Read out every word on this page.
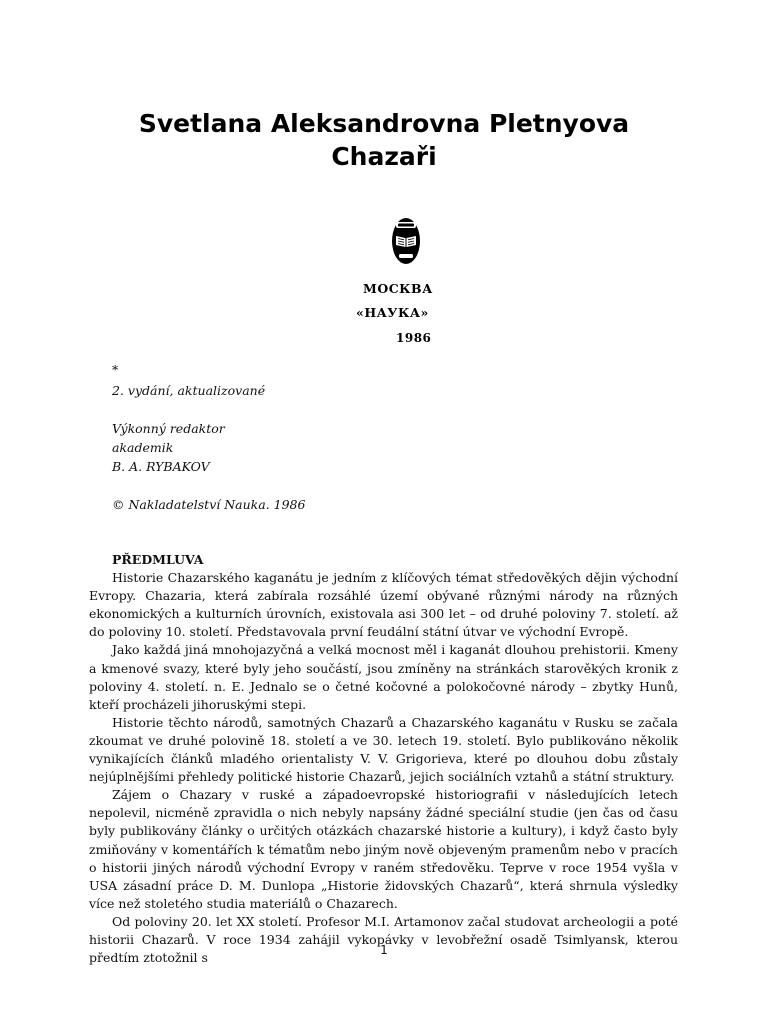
Svetlana Aleksandrovna Pletnyova
Chazaři
МОСКВА
«НАУКА»
1986
*
2. vydání, aktualizované
Výkonný redaktor
akademik
B. A. RYBAKOV
© Nakladatelství Nauka. 1986
PŘEDMLUVA

Historie Chazarského kaganátu je jedním z klíčových témat středověkých dějin východní Evropy. Chazaria, která zabírala rozsáhlé území obývané různými národy na různých ekonomických a kulturních úrovních, existovala asi 300 let – od druhé poloviny 7. století. až do poloviny 10. století. Představovala první feudální státní útvar ve východní Evropě.

Jako každá jiná mnohojazyčná a velká mocnost měl i kaganát dlouhou prehistorii. Kmeny a kmenové svazy, které byly jeho součástí, jsou zmíněny na stránkách starověkých kronik z poloviny 4. století. n. E. Jednalo se o četné kočovné a polokočovné národy – zbytky Hunů, kteří procházeli jihoruskými stepi.

Historie těchto národů, samotných Chazarů a Chazarského kaganátu v Rusku se začala zkoumat ve druhé polovině 18. století a ve 30. letech 19. století. Bylo publikováno několik vynikajících článků mladého orientalisty V. V. Grigorieva, které po dlouhou dobu zůstaly nejúplnějšími přehledy politické historie Chazarů, jejich sociálních vztahů a státní struktury.

Zájem o Chazary v ruské a západoevropské historiografii v následujících letech nepolevil, nicméně zpravidla o nich nebyly napsány žádné speciální studie (jen čas od času byly publikovány články o určitých otázkách chazarské historie a kultury), i když často byly zmiňovány v komentářích k tématům nebo jiným nově objeveným pramenům nebo v pracích o historii jiných národů východní Evropy v raném středověku. Teprve v roce 1954 vyšla v USA zásadní práce D. M. Dunlopa „Historie židovských Chazarů“, která shrnula výsledky více než stoletého studia materiálů o Chazarech.

Od poloviny 20. let XX století. Profesor M.I. Artamonov začal studovat archeologii a poté historii Chazarů. V roce 1934 zahájil vykopávky v levobřežní osadě Tsimlyansk, kterou předtím ztotožnil s

1
